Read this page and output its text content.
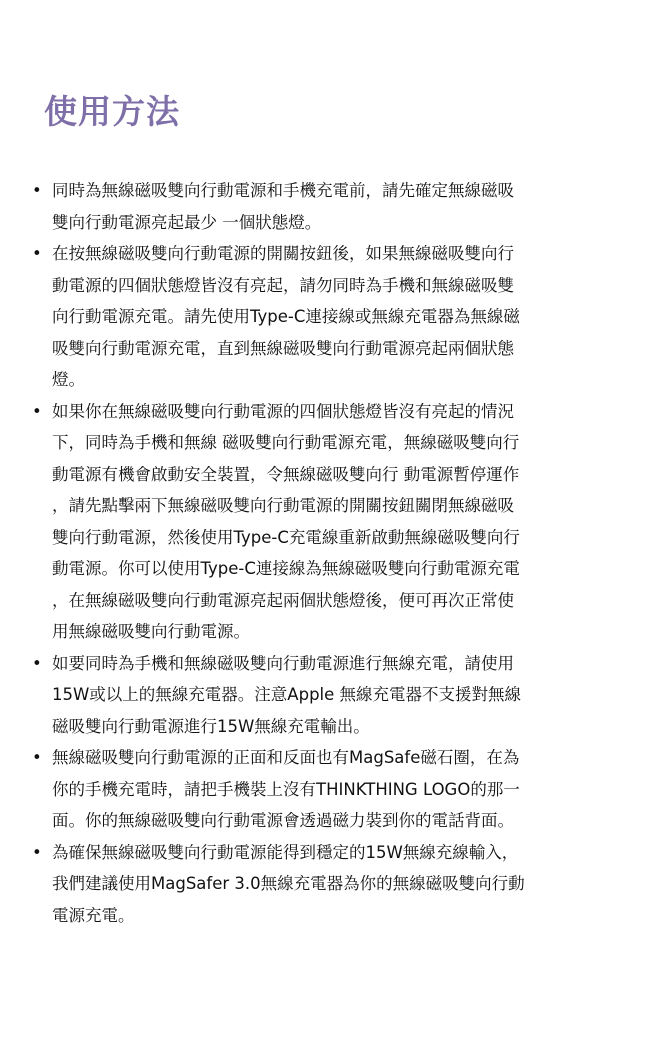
使用方法
• 同時為無線磁吸雙向行動電源和手機充電前，請先確定無線磁吸
雙向行動電源亮起最少 一個狀態燈。
• 在按無線磁吸雙向行動電源的開關按鈕後，如果無線磁吸雙向行
動電源的四個狀態燈皆沒有亮起，請勿同時為手機和無線磁吸雙
向行動電源充電。請先使用Type-C連接線或無線充電器為無線磁
吸雙向行動電源充電，直到無線磁吸雙向行動電源亮起兩個狀態
燈。
• 如果你在無線磁吸雙向行動電源的四個狀態燈皆沒有亮起的情況
下，同時為手機和無線 磁吸雙向行動電源充電，無線磁吸雙向行
動電源有機會啟動安全裝置，令無線磁吸雙向行 動電源暫停運作
，請先點擊兩下無線磁吸雙向行動電源的開關按鈕關閉無線磁吸
雙向行動電源，然後使用Type-C充電線重新啟動無線磁吸雙向行
動電源。你可以使用Type-C連接線為無線磁吸雙向行動電源充電
，在無線磁吸雙向行動電源亮起兩個狀態燈後，便可再次正常使
用無線磁吸雙向行動電源。
• 如要同時為手機和無線磁吸雙向行動電源進行無線充電，請使用
15W或以上的無線充電器。注意Apple 無線充電器不支援對無線
磁吸雙向行動電源進行15W無線充電輸出。
• 無線磁吸雙向行動電源的正面和反面也有MagSafe磁石圈，在為
你的手機充電時，請把手機裝上沒有THINKTHING LOGO的那一
面。你的無線磁吸雙向行動電源會透過磁力裝到你的電話背面。
• 為確保無線磁吸雙向行動電源能得到穩定的15W無線充線輸入，
我們建議使用MagSafer 3.0無線充電器為你的無線磁吸雙向行動
電源充電。
